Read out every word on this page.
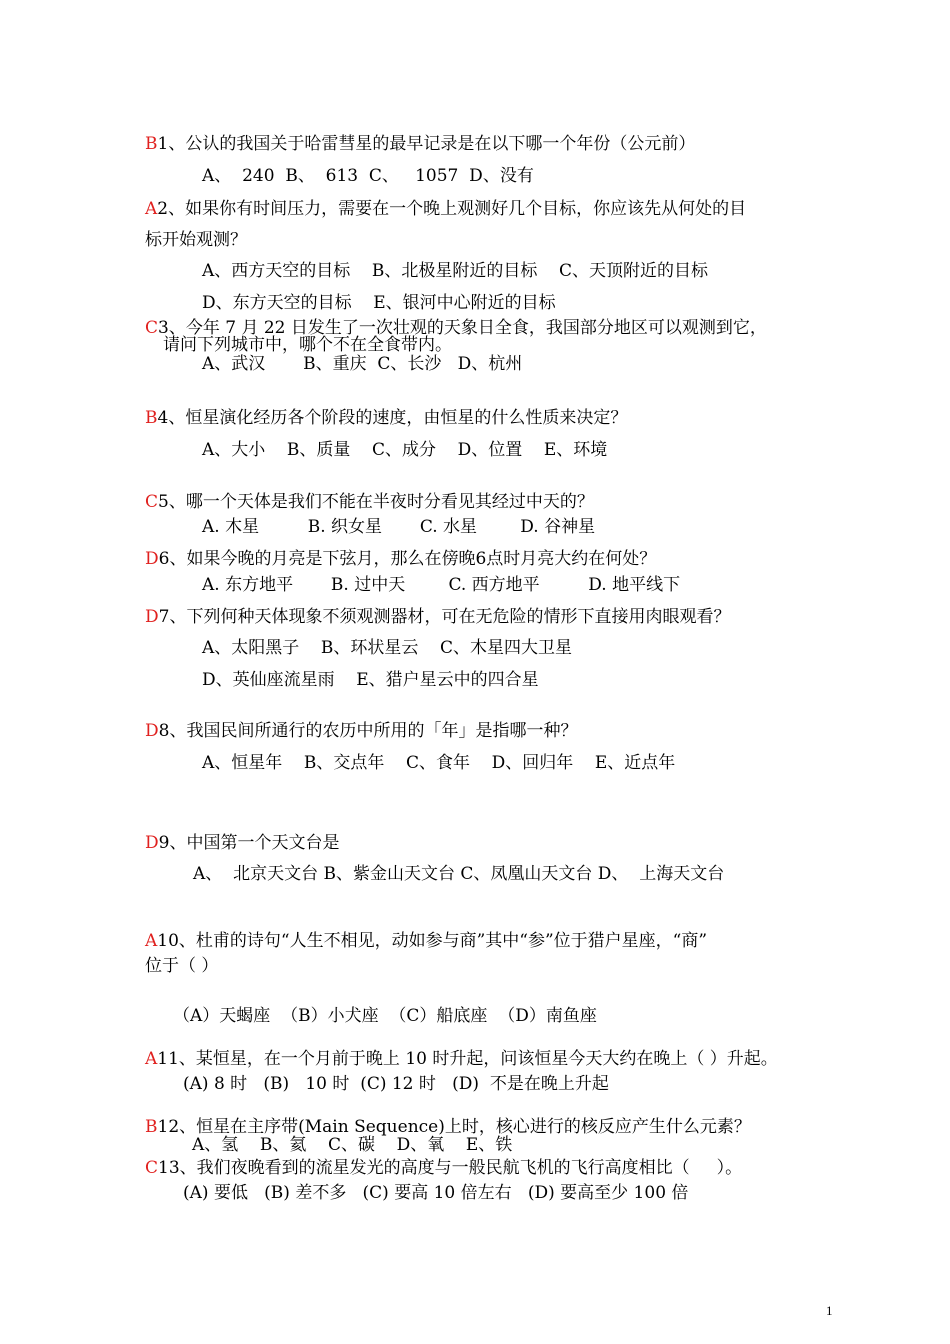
B1、公认的我国关于哈雷彗星的最早记录是在以下哪一个年份（公元前）
A、  240  B、  613  C、   1057  D、没有
A2、如果你有时间压力，需要在一个晚上观测好几个目标，你应该先从何处的目
标开始观测？
A、西方天空的目标    B、北极星附近的目标    C、天顶附近的目标
D、东方天空的目标    E、银河中心附近的目标
C3、今年 7 月 22 日发生了一次壮观的天象日全食，我国部分地区可以观测到它，
请问下列城市中，哪个不在全食带内。
A、武汉       B、重庆  C、长沙   D、杭州
B4、恒星演化经历各个阶段的速度，由恒星的什么性质来决定？
A、大小    B、质量    C、成分    D、位置    E、环境
C5、哪一个天体是我们不能在半夜时分看见其经过中天的？
A. 木星         B. 织女星       C. 水星        D. 谷神星
D6、如果今晚的月亮是下弦月，那么在傍晚6点时月亮大约在何处？
A. 东方地平       B. 过中天        C. 西方地平         D. 地平线下
D7、下列何种天体现象不须观测器材，可在无危险的情形下直接用肉眼观看？
A、太阳黑子    B、环状星云    C、木星四大卫星
D、英仙座流星雨    E、猎户星云中的四合星
D8、我国民间所通行的农历中所用的「年」是指哪一种？
A、恒星年    B、交点年    C、食年    D、回归年    E、近点年
D9、中国第一个天文台是
A、  北京天文台 B、紫金山天文台 C、凤凰山天文台 D、  上海天文台
A10、杜甫的诗句“人生不相见，动如参与商”其中“参”位于猎户星座，“商”
位于（ ）
（A）天蝎座  （B）小犬座  （C）船底座  （D）南鱼座
A11、某恒星，在一个月前于晚上 10 时升起，问该恒星今天大约在晚上（ ）升起。
(A) 8 时   (B)   10 时  (C) 12 时   (D)  不是在晚上升起
B12、恒星在主序带(Main Sequence)上时，核心进行的核反应产生什么元素？
A、氢    B、氦    C、碳    D、氧    E、铁
C13、我们夜晚看到的流星发光的高度与一般民航飞机的飞行高度相比（     ）。
(A) 要低   (B) 差不多   (C) 要高 10 倍左右   (D) 要高至少 100 倍
1
